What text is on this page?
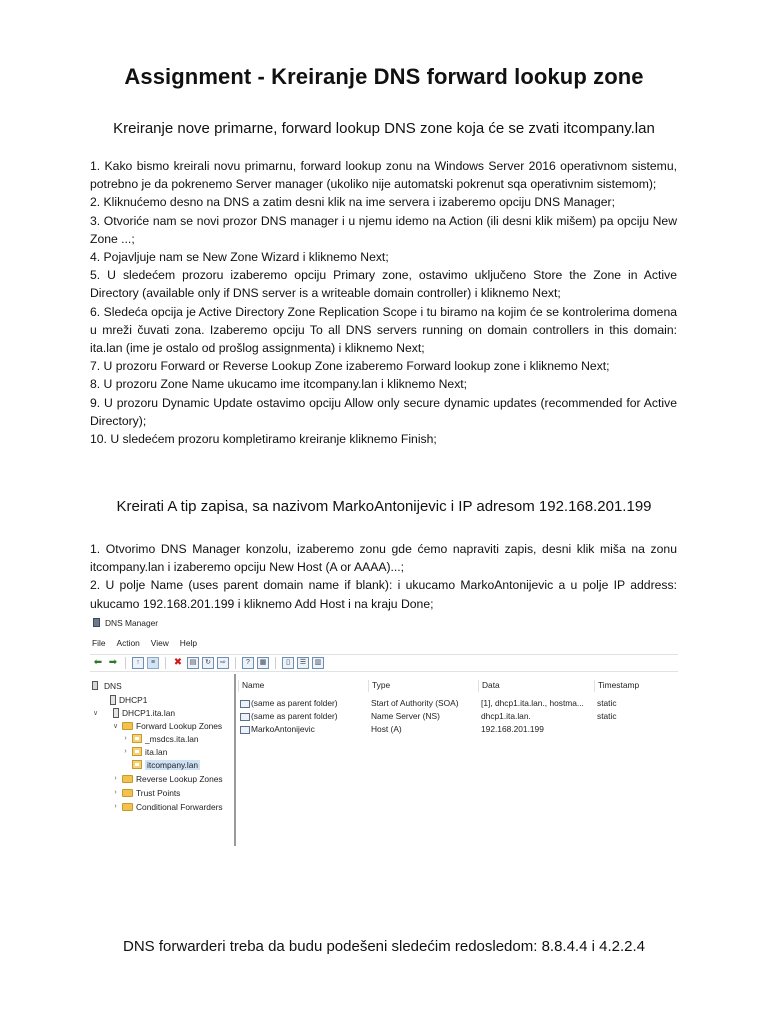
Assignment - Kreiranje DNS forward lookup zone
Kreiranje nove primarne, forward lookup DNS zone koja će se zvati itcompany.lan
1. Kako bismo kreirali novu primarnu, forward lookup zonu na Windows Server 2016 operativnom sistemu, potrebno je da pokrenemo Server manager (ukoliko nije automatski pokrenut sqa operativnim sistemom);
2. Kliknućemo desno na DNS a zatim desni klik na ime servera i izaberemo opciju DNS Manager;
3. Otvoriće nam se novi prozor DNS manager i u njemu idemo na Action (ili desni klik mišem) pa opciju New Zone ...;
4. Pojavljuje nam se New Zone Wizard i kliknemo Next;
5. U sledećem prozoru izaberemo opciju Primary zone, ostavimo uključeno Store the Zone in Active Directory (available only if DNS server is a writeable domain controller) i kliknemo Next;
6. Sledeća opcija je Active Directory Zone Replication Scope i tu biramo na kojim će se kontrolerima domena u mreži čuvati zona. Izaberemo opciju To all DNS servers running on domain controllers in this domain: ita.lan (ime je ostalo od prošlog assignmenta) i kliknemo Next;
7. U prozoru Forward or Reverse Lookup Zone izaberemo Forward lookup zone i kliknemo Next;
8. U prozoru Zone Name ukucamo ime itcompany.lan i kliknemo Next;
9. U prozoru Dynamic Update ostavimo opciju Allow only secure dynamic updates (recommended for Active Directory);
10. U sledećem prozoru kompletiramo kreiranje kliknemo Finish;
Kreirati A tip zapisa, sa nazivom MarkoAntonijevic i IP adresom 192.168.201.199
1. Otvorimo DNS Manager konzolu, izaberemo zonu gde ćemo napraviti zapis, desni klik miša na zonu itcompany.lan i izaberemo opciju New Host (A or AAAA)...;
2. U polje Name (uses parent domain name if blank): i ukucamo MarkoAntonijevic a u polje IP address: ukucamo 192.168.201.199 i kliknemo Add Host i na kraju Done;
DNS Manager
File Action View Help
⬅ ➡	↑	≡	✖	▤	↻	⇨	?	▦	▯	☰	▥
DNS
DHCP1
∨	DHCP1.ita.lan
∨ Forward Lookup Zones
› _msdcs.ita.lan
› ita.lan
itcompany.lan
› Reverse Lookup Zones
› Trust Points
› Conditional Forwarders
Name	Type	Data	Timestamp
(same as parent folder)	Start of Authority (SOA)	[1], dhcp1.ita.lan., hostma...	static
(same as parent folder)	Name Server (NS)	dhcp1.ita.lan.	static
MarkoAntonijevic	Host (A)	192.168.201.199
DNS forwarderi treba da budu podešeni sledećim redosledom: 8.8.4.4 i 4.2.2.4
